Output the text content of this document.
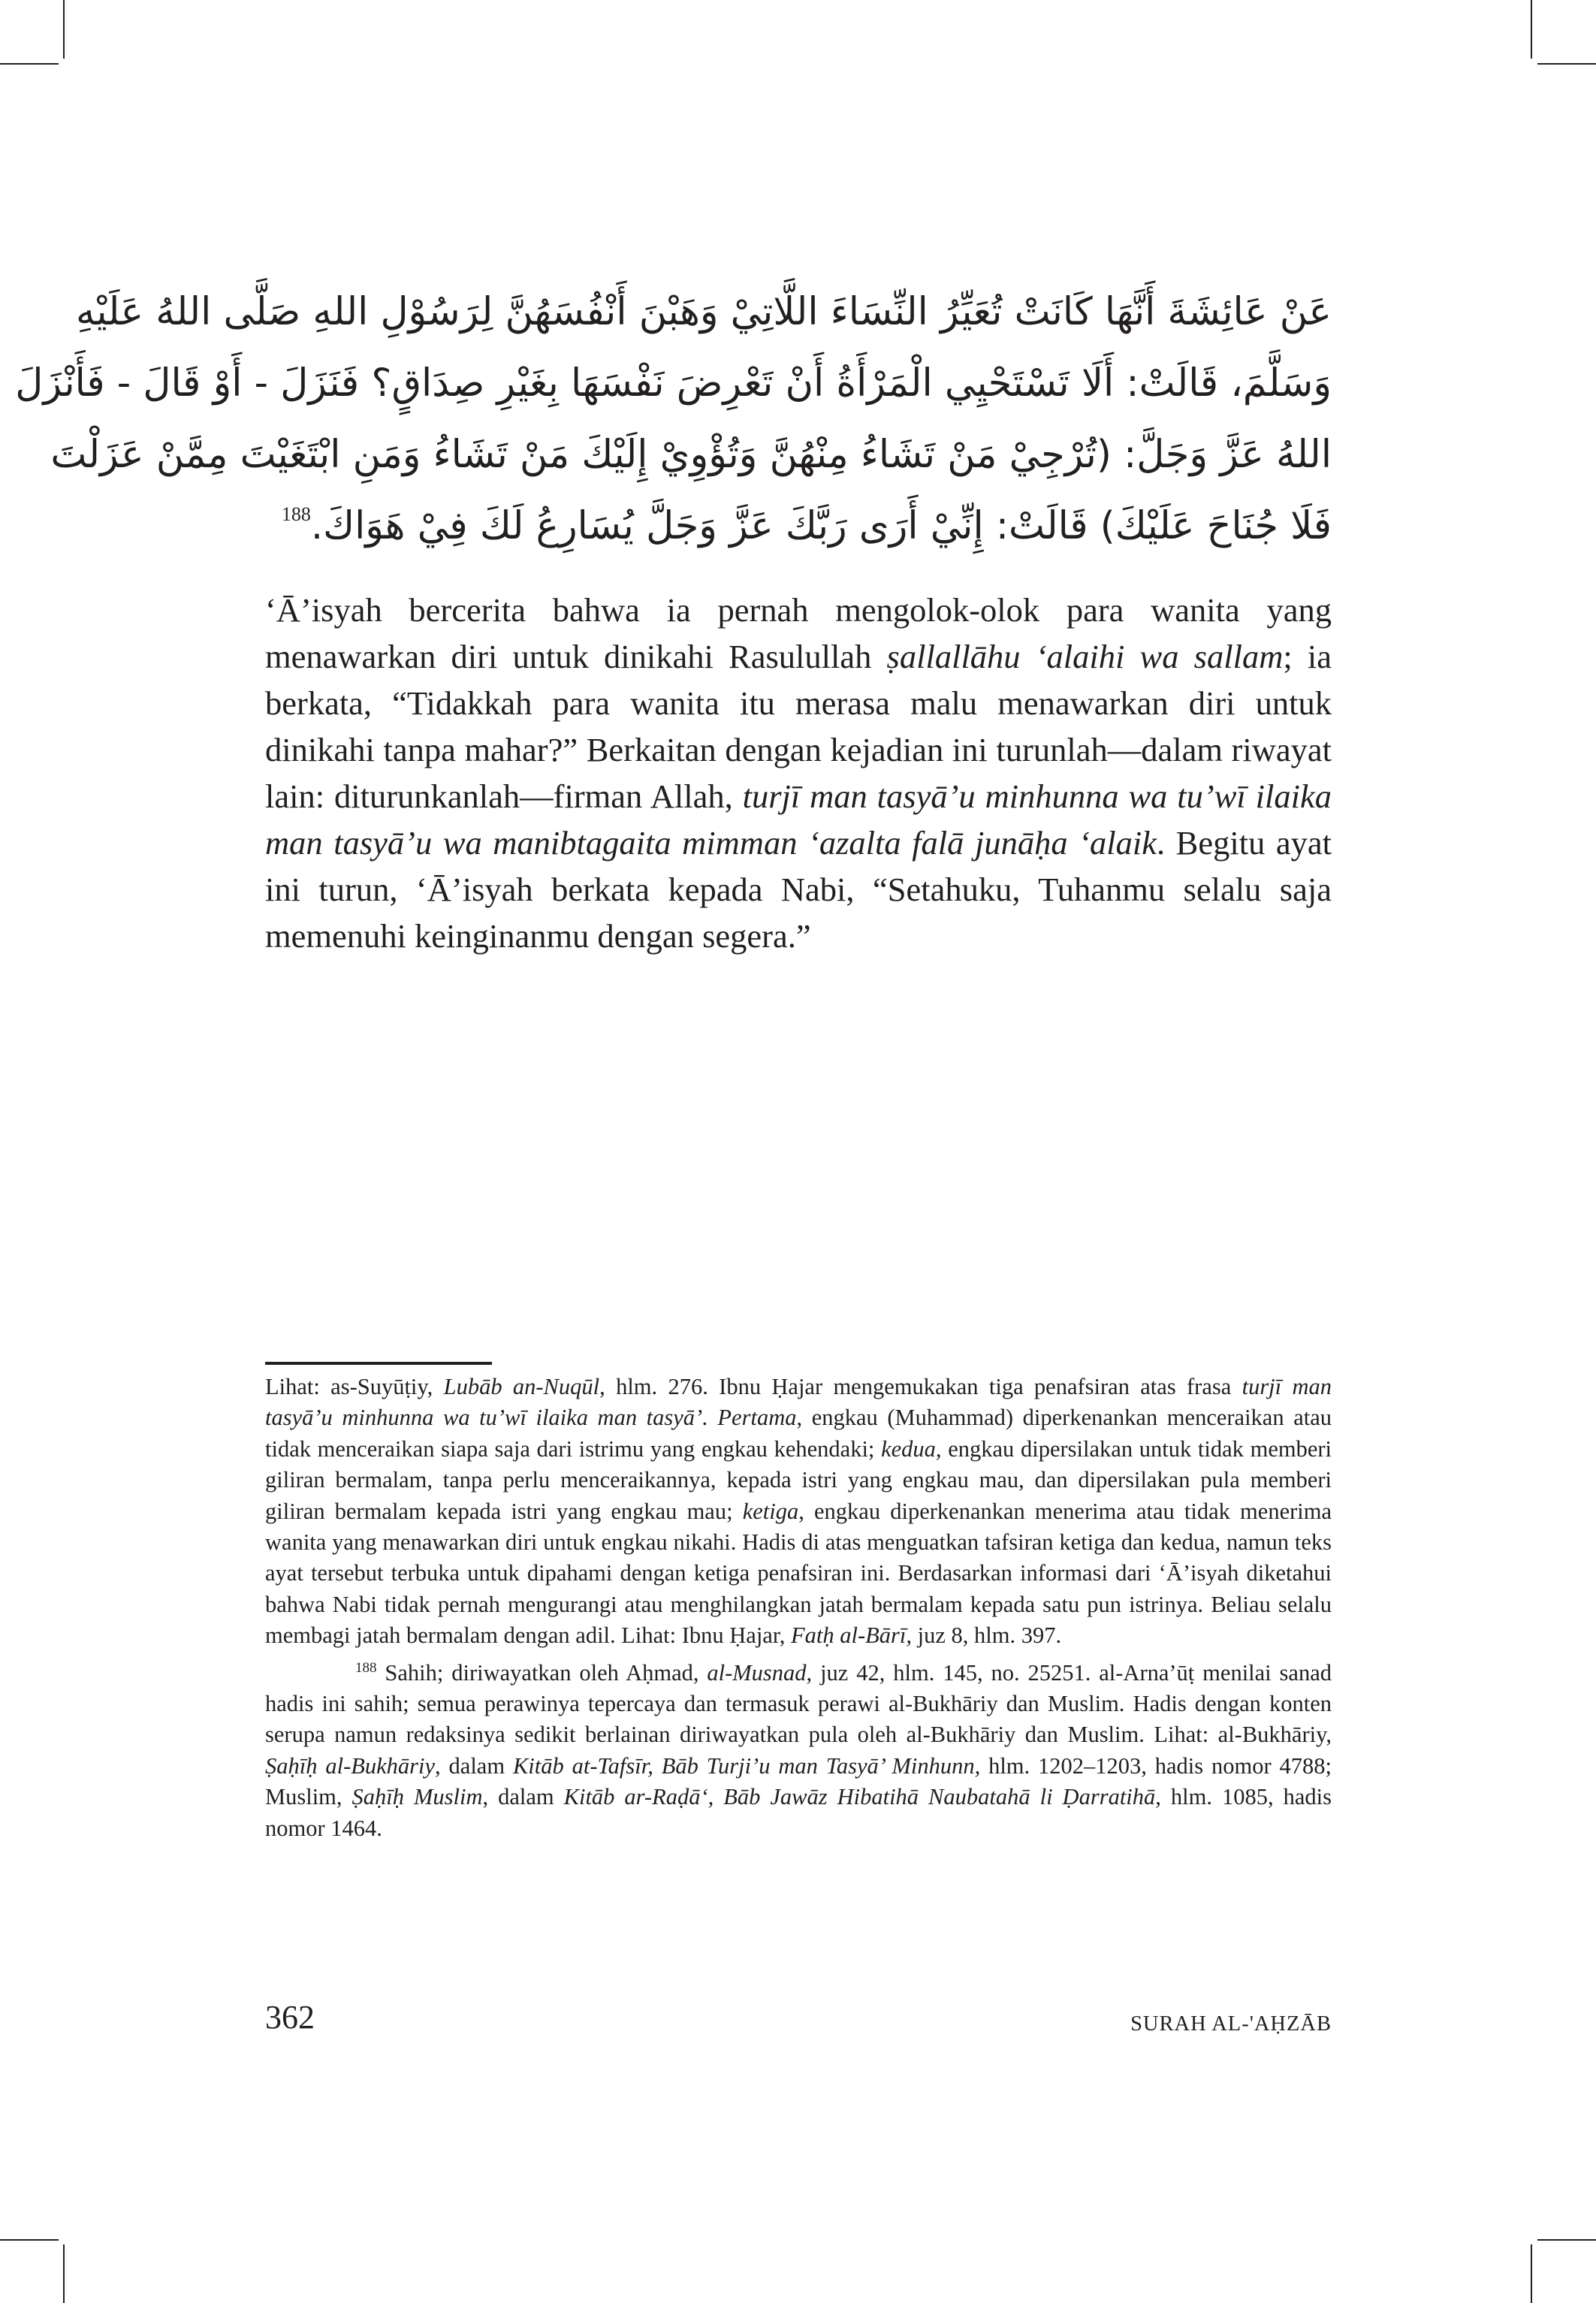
عَنْ عَائِشَةَ أَنَّهَا كَانَتْ تُعَيِّرُ النِّسَاءَ اللَّاتِيْ وَهَبْنَ أَنْفُسَهُنَّ لِرَسُوْلِ اللهِ صَلَّى اللهُ عَلَيْهِ
وَسَلَّمَ، قَالَتْ: أَلَا تَسْتَحْيِي الْمَرْأَةُ أَنْ تَعْرِضَ نَفْسَهَا بِغَيْرِ صِدَاقٍ؟ فَنَزَلَ - أَوْ قَالَ - فَأَنْزَلَ
اللهُ عَزَّ وَجَلَّ: (تُرْجِيْ مَنْ تَشَاءُ مِنْهُنَّ وَتُؤْوِيْ إِلَيْكَ مَنْ تَشَاءُ وَمَنِ ابْتَغَيْتَ مِمَّنْ عَزَلْتَ
فَلَا جُنَاحَ عَلَيْكَ) قَالَتْ: إِنِّيْ أَرَى رَبَّكَ عَزَّ وَجَلَّ يُسَارِعُ لَكَ فِيْ هَوَاكَ.$^{188}$

‘Ā’isyah bercerita bahwa ia pernah mengolok-olok para wanita yang menawarkan diri untuk dinikahi Rasulullah ṣallallāhu ‘alaihi wa sallam; ia berkata, “Tidakkah para wanita itu merasa malu menawarkan diri untuk dinikahi tanpa mahar?” Berkaitan dengan kejadian ini turunlah—dalam riwayat lain: diturunkanlah—firman Allah, turjī man tasyā’u minhunna wa tu’wī ilaika man tasyā’u wa manibtagaita mimman ‘azalta falā junāḥa ‘alaik. Begitu ayat ini turun, ‘Ā’isyah berkata kepada Nabi, “Setahuku, Tuhanmu selalu saja memenuhi keinginanmu dengan segera.”

Lihat: as-Suyūṭiy, Lubāb an-Nuqūl, hlm. 276. Ibnu Ḥajar mengemukakan tiga penafsiran atas frasa turjī man tasyā’u minhunna wa tu’wī ilaika man tasyā’. Pertama, engkau (Muhammad) diperkenankan menceraikan atau tidak menceraikan siapa saja dari istrimu yang engkau kehendaki; kedua, engkau dipersilakan untuk tidak memberi giliran bermalam, tanpa perlu menceraikannya, kepada istri yang engkau mau, dan dipersilakan pula memberi giliran bermalam kepada istri yang engkau mau; ketiga, engkau diperkenankan menerima atau tidak menerima wanita yang menawarkan diri untuk engkau nikahi. Hadis di atas menguatkan tafsiran ketiga dan kedua, namun teks ayat tersebut terbuka untuk dipahami dengan ketiga penafsiran ini. Berdasarkan informasi dari ‘Ā’isyah diketahui bahwa Nabi tidak pernah mengurangi atau menghilangkan jatah bermalam kepada satu pun istrinya. Beliau selalu membagi jatah bermalam dengan adil. Lihat: Ibnu Ḥajar, Fatḥ al-Bārī, juz 8, hlm. 397.

$^{188}$ Sahih; diriwayatkan oleh Aḥmad, al-Musnad, juz 42, hlm. 145, no. 25251. al-Arna’ūṭ menilai sanad hadis ini sahih; semua perawinya tepercaya dan termasuk perawi al-Bukhāriy dan Muslim. Hadis dengan konten serupa namun redaksinya sedikit berlainan diriwayatkan pula oleh al-Bukhāriy dan Muslim. Lihat: al-Bukhāriy, Ṣaḥīḥ al-Bukhāriy, dalam Kitāb at-Tafsīr, Bāb Turji’u man Tasyā’ Minhunn, hlm. 1202–1203, hadis nomor 4788; Muslim, Ṣaḥīḥ Muslim, dalam Kitāb ar-Raḍā‘, Bāb Jawāz Hibatihā Naubatahā li Ḍarratihā, hlm. 1085, hadis nomor 1464.

362	SURAH AL-'AḤZĀB
